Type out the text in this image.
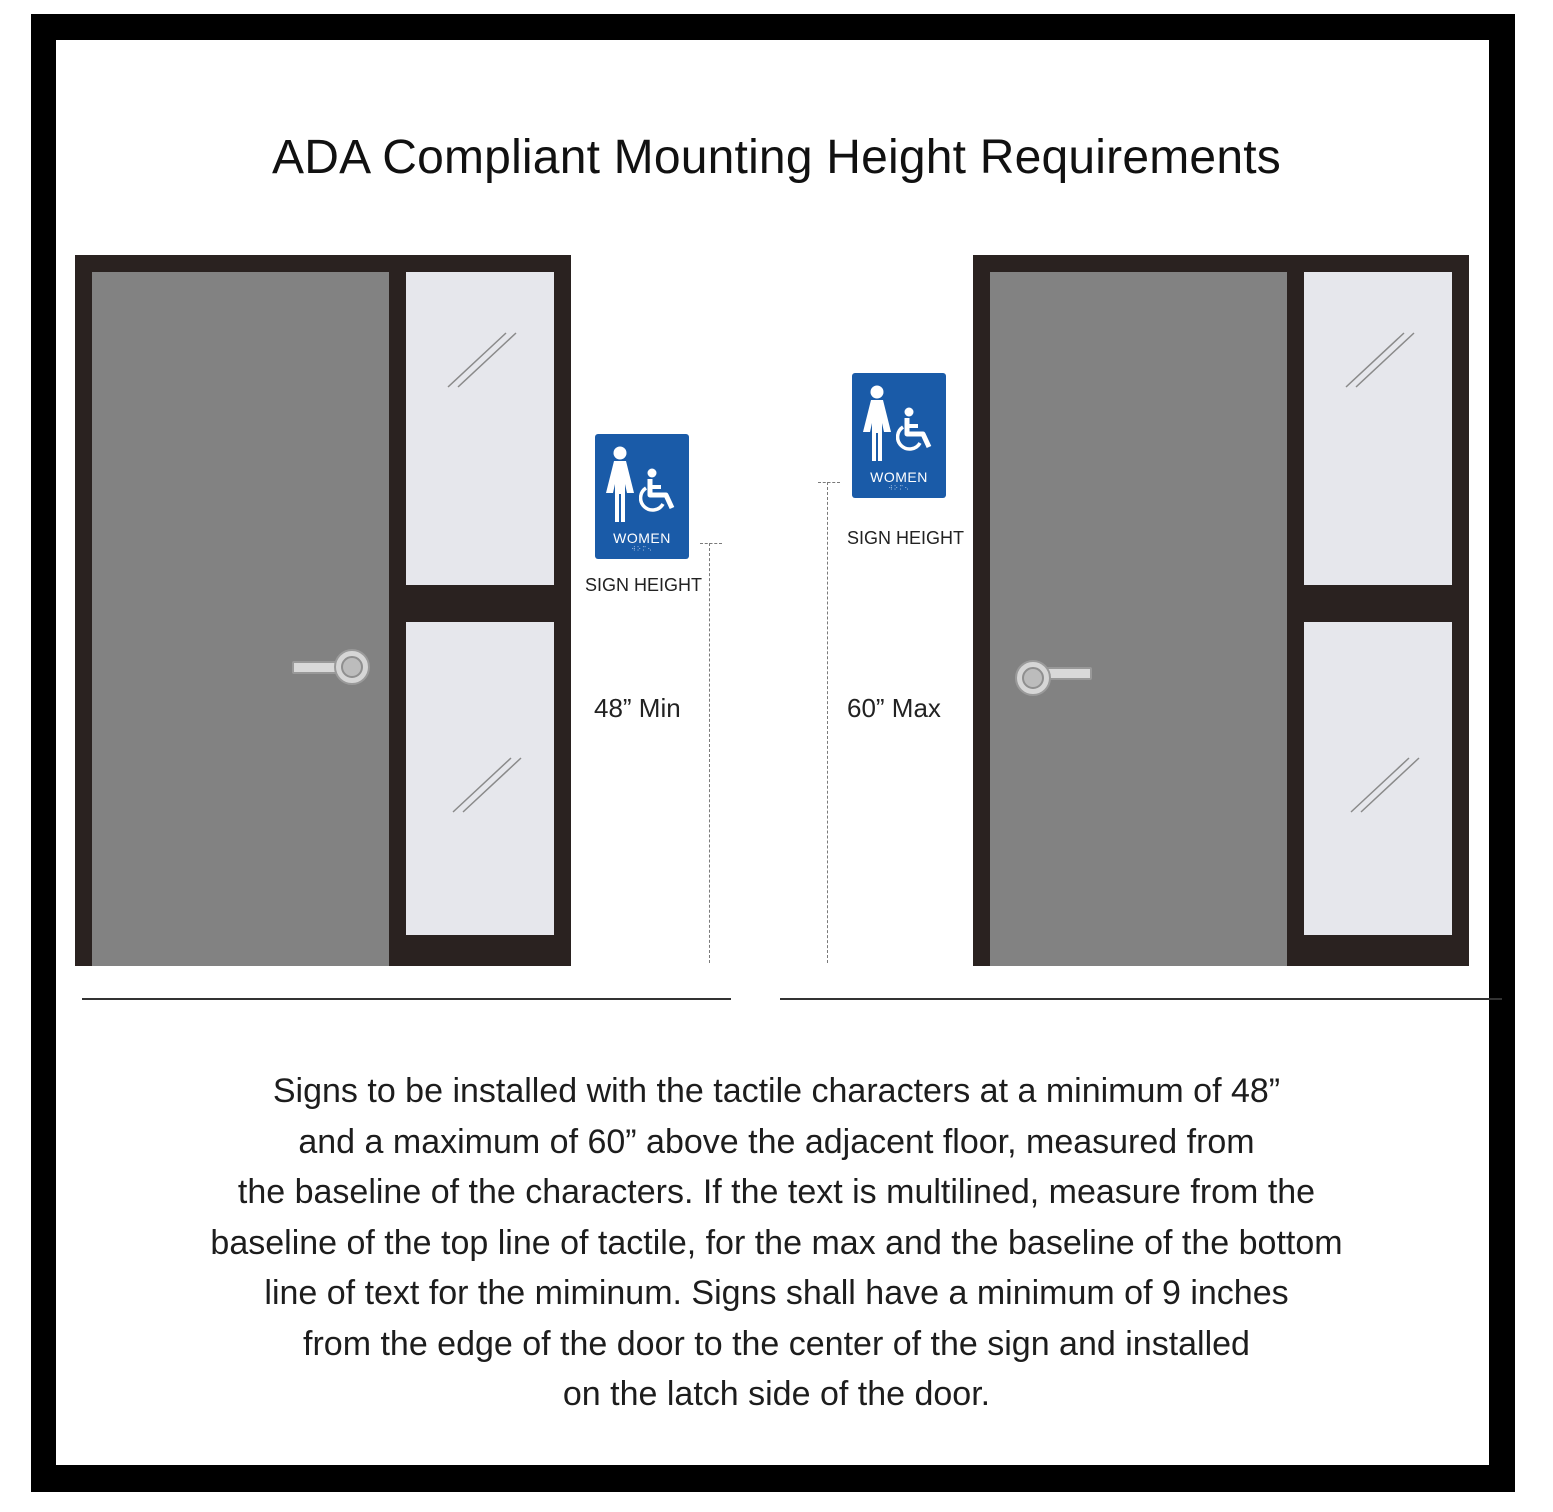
ADA Compliant Mounting Height Requirements
WOMEN
⠺⠕⠍⠢
SIGN HEIGHT
48” Min
WOMEN
⠺⠕⠍⠢
SIGN HEIGHT
60” Max
Signs to be installed with the tactile characters at a minimum of 48”
and a maximum of 60” above the adjacent floor, measured from
the baseline of the characters. If the text is multilined, measure from the
baseline of the top line of tactile, for the max and the baseline of the bottom
line of text for the miminum. Signs shall have a minimum of 9 inches
from the edge of the door to the center of the sign and installed
on the latch side of the door.
